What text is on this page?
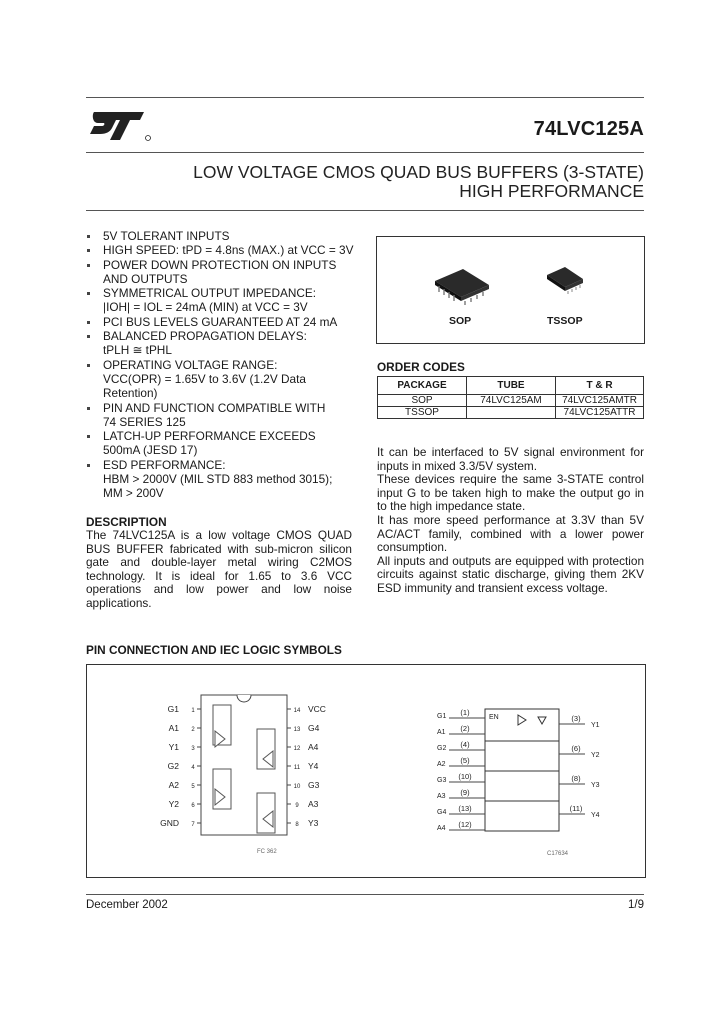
74LVC125A
LOW VOLTAGE CMOS QUAD BUS BUFFERS (3-STATE)
HIGH PERFORMANCE
5V TOLERANT INPUTS
HIGH SPEED: tPD = 4.8ns (MAX.) at VCC = 3V
POWER DOWN PROTECTION ON INPUTS
AND OUTPUTS
SYMMETRICAL OUTPUT IMPEDANCE:
|IOH| = IOL = 24mA (MIN) at VCC = 3V
PCI BUS LEVELS GUARANTEED AT 24 mA
BALANCED PROPAGATION DELAYS:
tPLH ≅ tPHL
OPERATING VOLTAGE RANGE:
VCC(OPR) = 1.65V to 3.6V (1.2V Data
Retention)
PIN AND FUNCTION COMPATIBLE WITH
74 SERIES 125
LATCH-UP PERFORMANCE EXCEEDS
500mA (JESD 17)
ESD PERFORMANCE:
HBM > 2000V (MIL STD 883 method 3015);
MM > 200V
DESCRIPTION
The 74LVC125A is a low voltage CMOS QUAD BUS BUFFER fabricated with sub-micron silicon gate and double-layer metal wiring C2MOS technology. It is ideal for 1.65 to 3.6 VCC operations and low power and low noise applications.
SOP	TSSOP
ORDER CODES
PACKAGE	TUBE	T & R
SOP	74LVC125AM	74LVC125AMTR
TSSOP		74LVC125ATTR

It can be interfaced to 5V signal environment for inputs in mixed 3.3/5V system.

These devices require the same 3-STATE control input G to be taken high to make the output go in to the high impedance state.

It has more speed performance at 3.3V than 5V AC/ACT family, combined with a lower power consumption.

All inputs and outputs are equipped with protection circuits against static discharge, giving them 2KV ESD immunity and transient excess voltage.

PIN CONNECTION AND IEC LOGIC SYMBOLS
G1 1
A1 2
Y1 3
G2 4
A2 5
Y2 6
GND 7
14 VCC
13 G4
12 A4
11 Y4
10 G3
9 A3
8 Y3
FC 362
EN
G1 (1)
A1 (2)
G2 (4)
A2 (5)
G3 (10)
A3 (9)
G4 (13)
A4 (12)
(3)
Y1
(6)
Y2
(8)
Y3
(11)
Y4
C17634
December 2002	1/9
